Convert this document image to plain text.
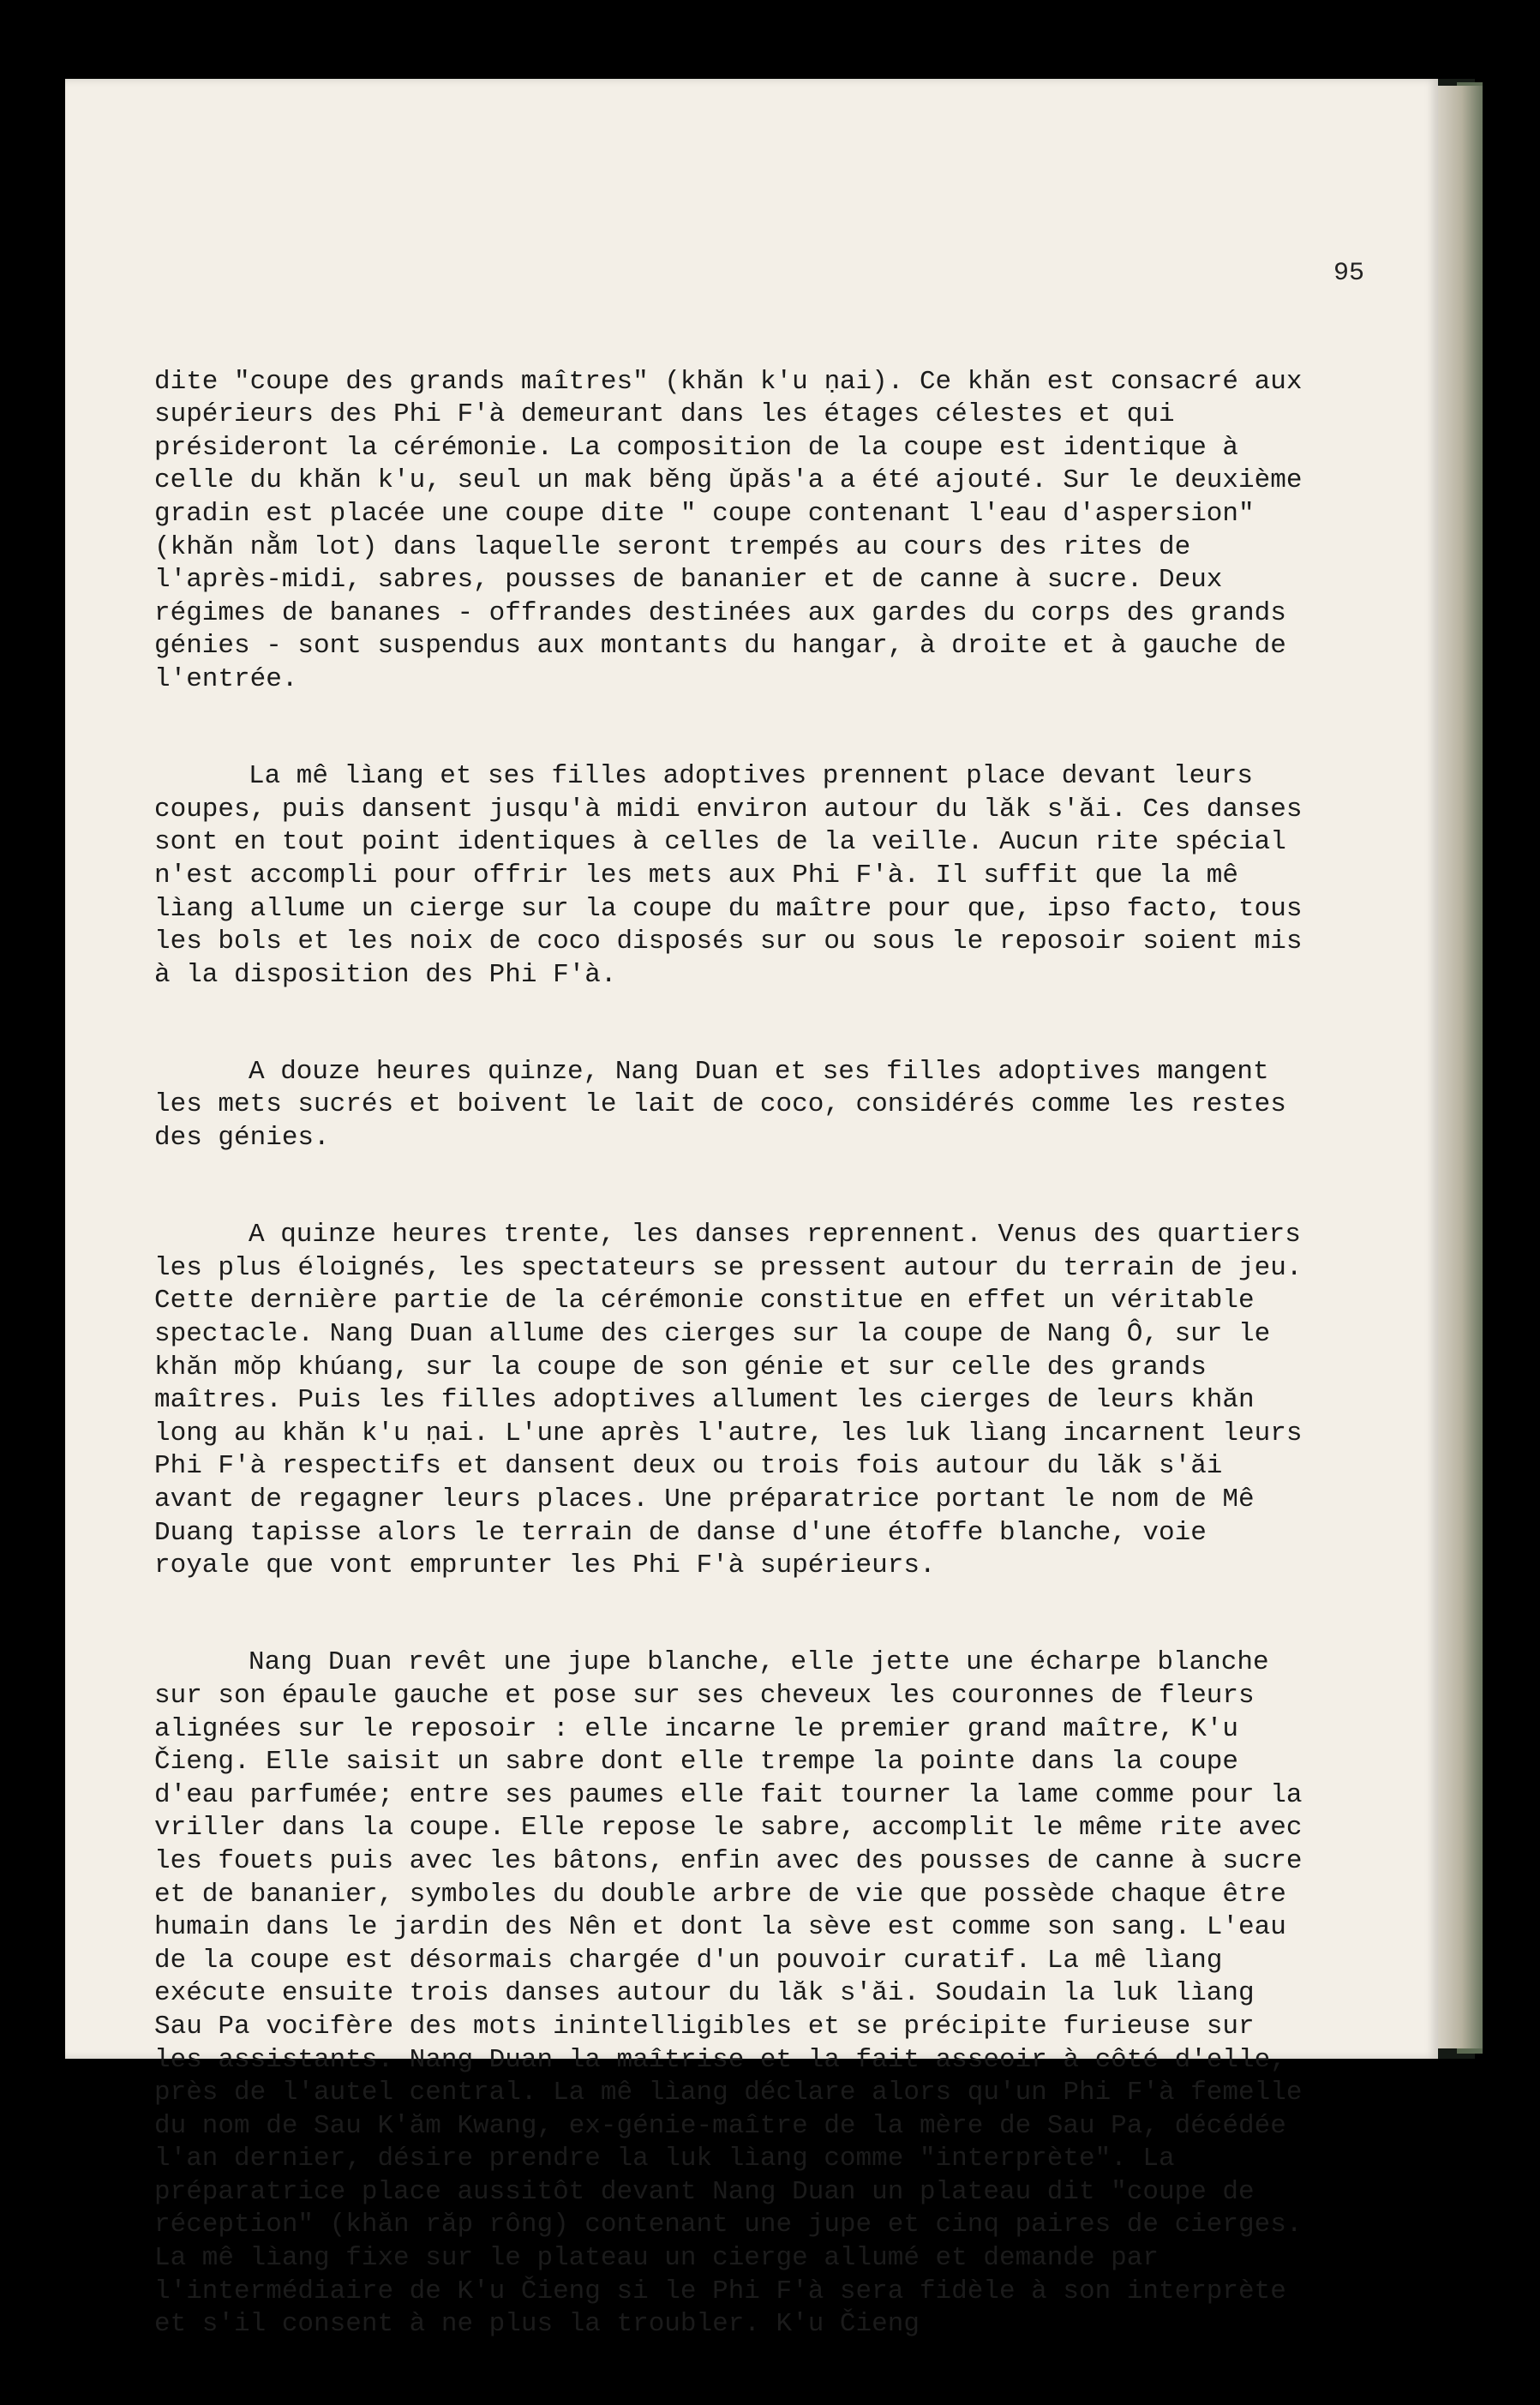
95

dite "coupe des grands maîtres" (khăn k'u ṇai). Ce khăn est consacré aux supérieurs des Phi F'à demeurant dans les étages célestes et qui présideront la cérémonie. La composition de la coupe est identique à celle du khăn k'u, seul un mak běng ŭpăs'a a été ajouté. Sur le deuxième gradin est placée une coupe dite " coupe contenant l'eau d'aspersion" (khăn nằm lot) dans laquelle seront trempés au cours des rites de l'après-midi, sabres, pousses de bananier et de canne à sucre. Deux régimes de bananes - offrandes destinées aux gardes du corps des grands génies - sont suspendus aux montants du hangar, à droite et à gauche de l'entrée.

La mê lìang et ses filles adoptives prennent place devant leurs coupes, puis dansent jusqu'à midi environ autour du lăk s'ăi. Ces danses sont en tout point identiques à celles de la veille. Aucun rite spécial n'est accompli pour offrir les mets aux Phi F'à. Il suffit que la mê lìang allume un cierge sur la coupe du maître pour que, ipso facto, tous les bols et les noix de coco disposés sur ou sous le reposoir soient mis à la disposition des Phi F'à.

A douze heures quinze, Nang Duan et ses filles adoptives mangent les mets sucrés et boivent le lait de coco, considérés comme les restes des génies.

A quinze heures trente, les danses reprennent. Venus des quartiers les plus éloignés, les spectateurs se pressent autour du terrain de jeu. Cette dernière partie de la cérémonie constitue en effet un véritable spectacle. Nang Duan allume des cierges sur la coupe de Nang Ô, sur le khăn mŏp khúang, sur la coupe de son génie et sur celle des grands maîtres. Puis les filles adoptives allument les cierges de leurs khăn long au khăn k'u ṇai. L'une après l'autre, les luk lìang incarnent leurs Phi F'à respectifs et dansent deux ou trois fois autour du lăk s'ăi avant de regagner leurs places. Une préparatrice portant le nom de Mê Duang tapisse alors le terrain de danse d'une étoffe blanche, voie royale que vont emprunter les Phi F'à supérieurs.

Nang Duan revêt une jupe blanche, elle jette une écharpe blanche sur son épaule gauche et pose sur ses cheveux les couronnes de fleurs alignées sur le reposoir : elle incarne le premier grand maître, K'u Čieng. Elle saisit un sabre dont elle trempe la pointe dans la coupe d'eau parfumée; entre ses paumes elle fait tourner la lame comme pour la vriller dans la coupe. Elle repose le sabre, accomplit le même rite avec les fouets puis avec les bâtons, enfin avec des pousses de canne à sucre et de bananier, symboles du double arbre de vie que possède chaque être humain dans le jardin des Nên et dont la sève est comme son sang. L'eau de la coupe est désormais chargée d'un pouvoir curatif. La mê lìang exécute ensuite trois danses autour du lăk s'ăi. Soudain la luk lìang Sau Pa vocifère des mots inintelligibles et se précipite furieuse sur les assistants. Nang Duan la maîtrise et la fait asseoir à côté d'elle, près de l'autel central. La mê lìang déclare alors qu'un Phi F'à femelle du nom de Sau K'ăm Kwang, ex-génie-maître de la mère de Sau Pa, décédée l'an dernier, désire prendre la luk lìang comme "interprète". La préparatrice place aussitôt devant Nang Duan un plateau dit "coupe de réception" (khăn răp rông) contenant une jupe et cinq paires de cierges. La mê lìang fixe sur le plateau un cierge allumé et demande par l'intermédiaire de K'u Čieng si le Phi F'à sera fidèle à son interprète et s'il consent à ne plus la troubler. K'u Čieng
